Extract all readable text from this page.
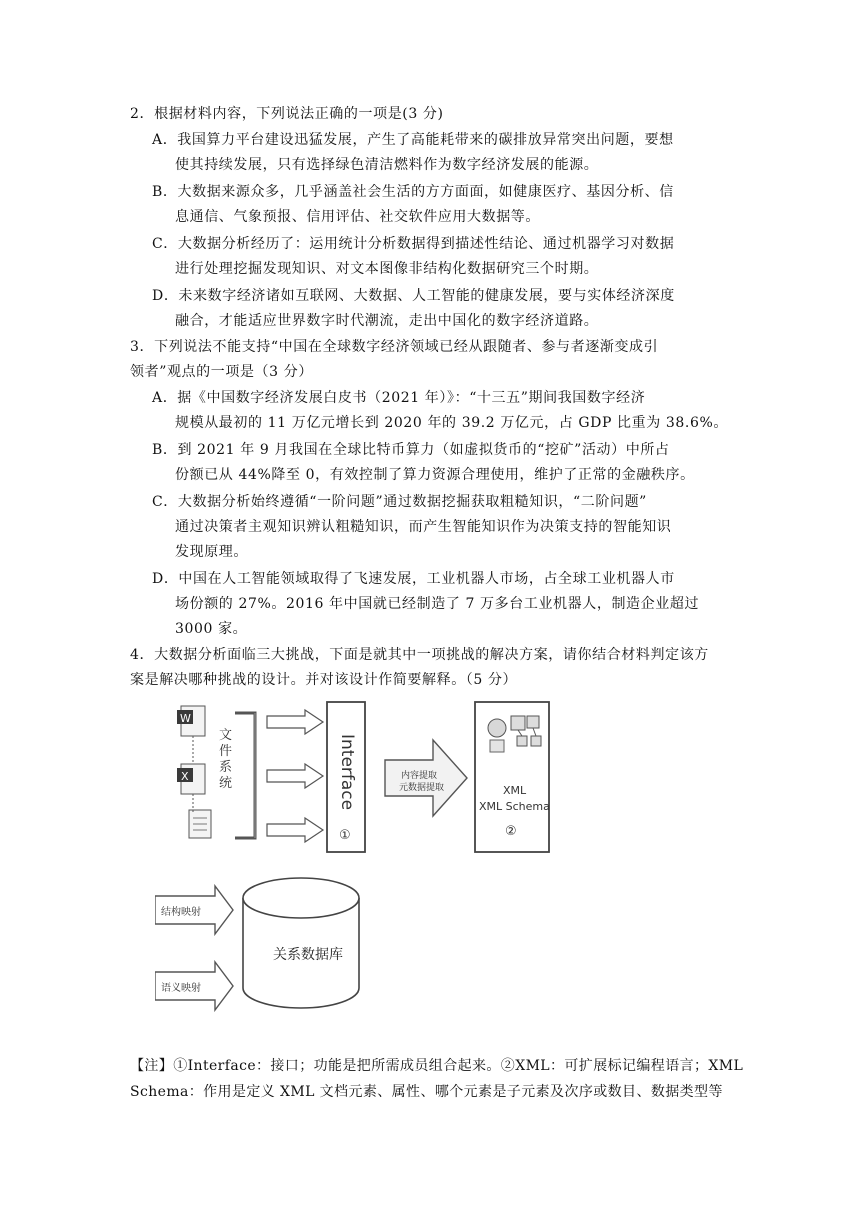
2．根据材料内容，下列说法正确的一项是(3 分)
A．我国算力平台建设迅猛发展，产生了高能耗带来的碳排放异常突出问题，要想
使其持续发展，只有选择绿色清洁燃料作为数字经济发展的能源。
B．大数据来源众多，几乎涵盖社会生活的方方面面，如健康医疗、基因分析、信
息通信、气象预报、信用评估、社交软件应用大数据等。
C．大数据分析经历了：运用统计分析数据得到描述性结论、通过机器学习对数据
进行处理挖掘发现知识、对文本图像非结构化数据研究三个时期。
D．未来数字经济诸如互联网、大数据、人工智能的健康发展，要与实体经济深度
融合，才能适应世界数字时代潮流，走出中国化的数字经济道路。
3．下列说法不能支持“中国在全球数字经济领域已经从跟随者、参与者逐渐变成引
领者”观点的一项是（3 分）
A．据《中国数字经济发展白皮书（2021 年）》：“十三五”期间我国数字经济
规模从最初的 11 万亿元增长到 2020 年的 39.2 万亿元，占 GDP 比重为 38.6%。
B．到 2021 年 9 月我国在全球比特币算力（如虚拟货币的“挖矿”活动）中所占
份额已从 44%降至 0，有效控制了算力资源合理使用，维护了正常的金融秩序。
C．大数据分析始终遵循“一阶问题”通过数据挖掘获取粗糙知识，“二阶问题”
通过决策者主观知识辨认粗糙知识，而产生智能知识作为决策支持的智能知识
发现原理。
D．中国在人工智能领域取得了飞速发展，工业机器人市场，占全球工业机器人市
场份额的 27%。2016 年中国就已经制造了 7 万多台工业机器人，制造企业超过
3000 家。
4．大数据分析面临三大挑战，下面是就其中一项挑战的解决方案，请你结合材料判定该方
案是解决哪种挑战的设计。并对该设计作简要解释。（5 分）
W
X
文件系统	Interface
①
内容提取
元数据提取	XML
XML Schema
②
结构映射
语义映射
关系数据库
【注】①Interface：接口；功能是把所需成员组合起来。②XML：可扩展标记编程语言；XML
Schema：作用是定义 XML 文档元素、属性、哪个元素是子元素及次序或数目、数据类型等
